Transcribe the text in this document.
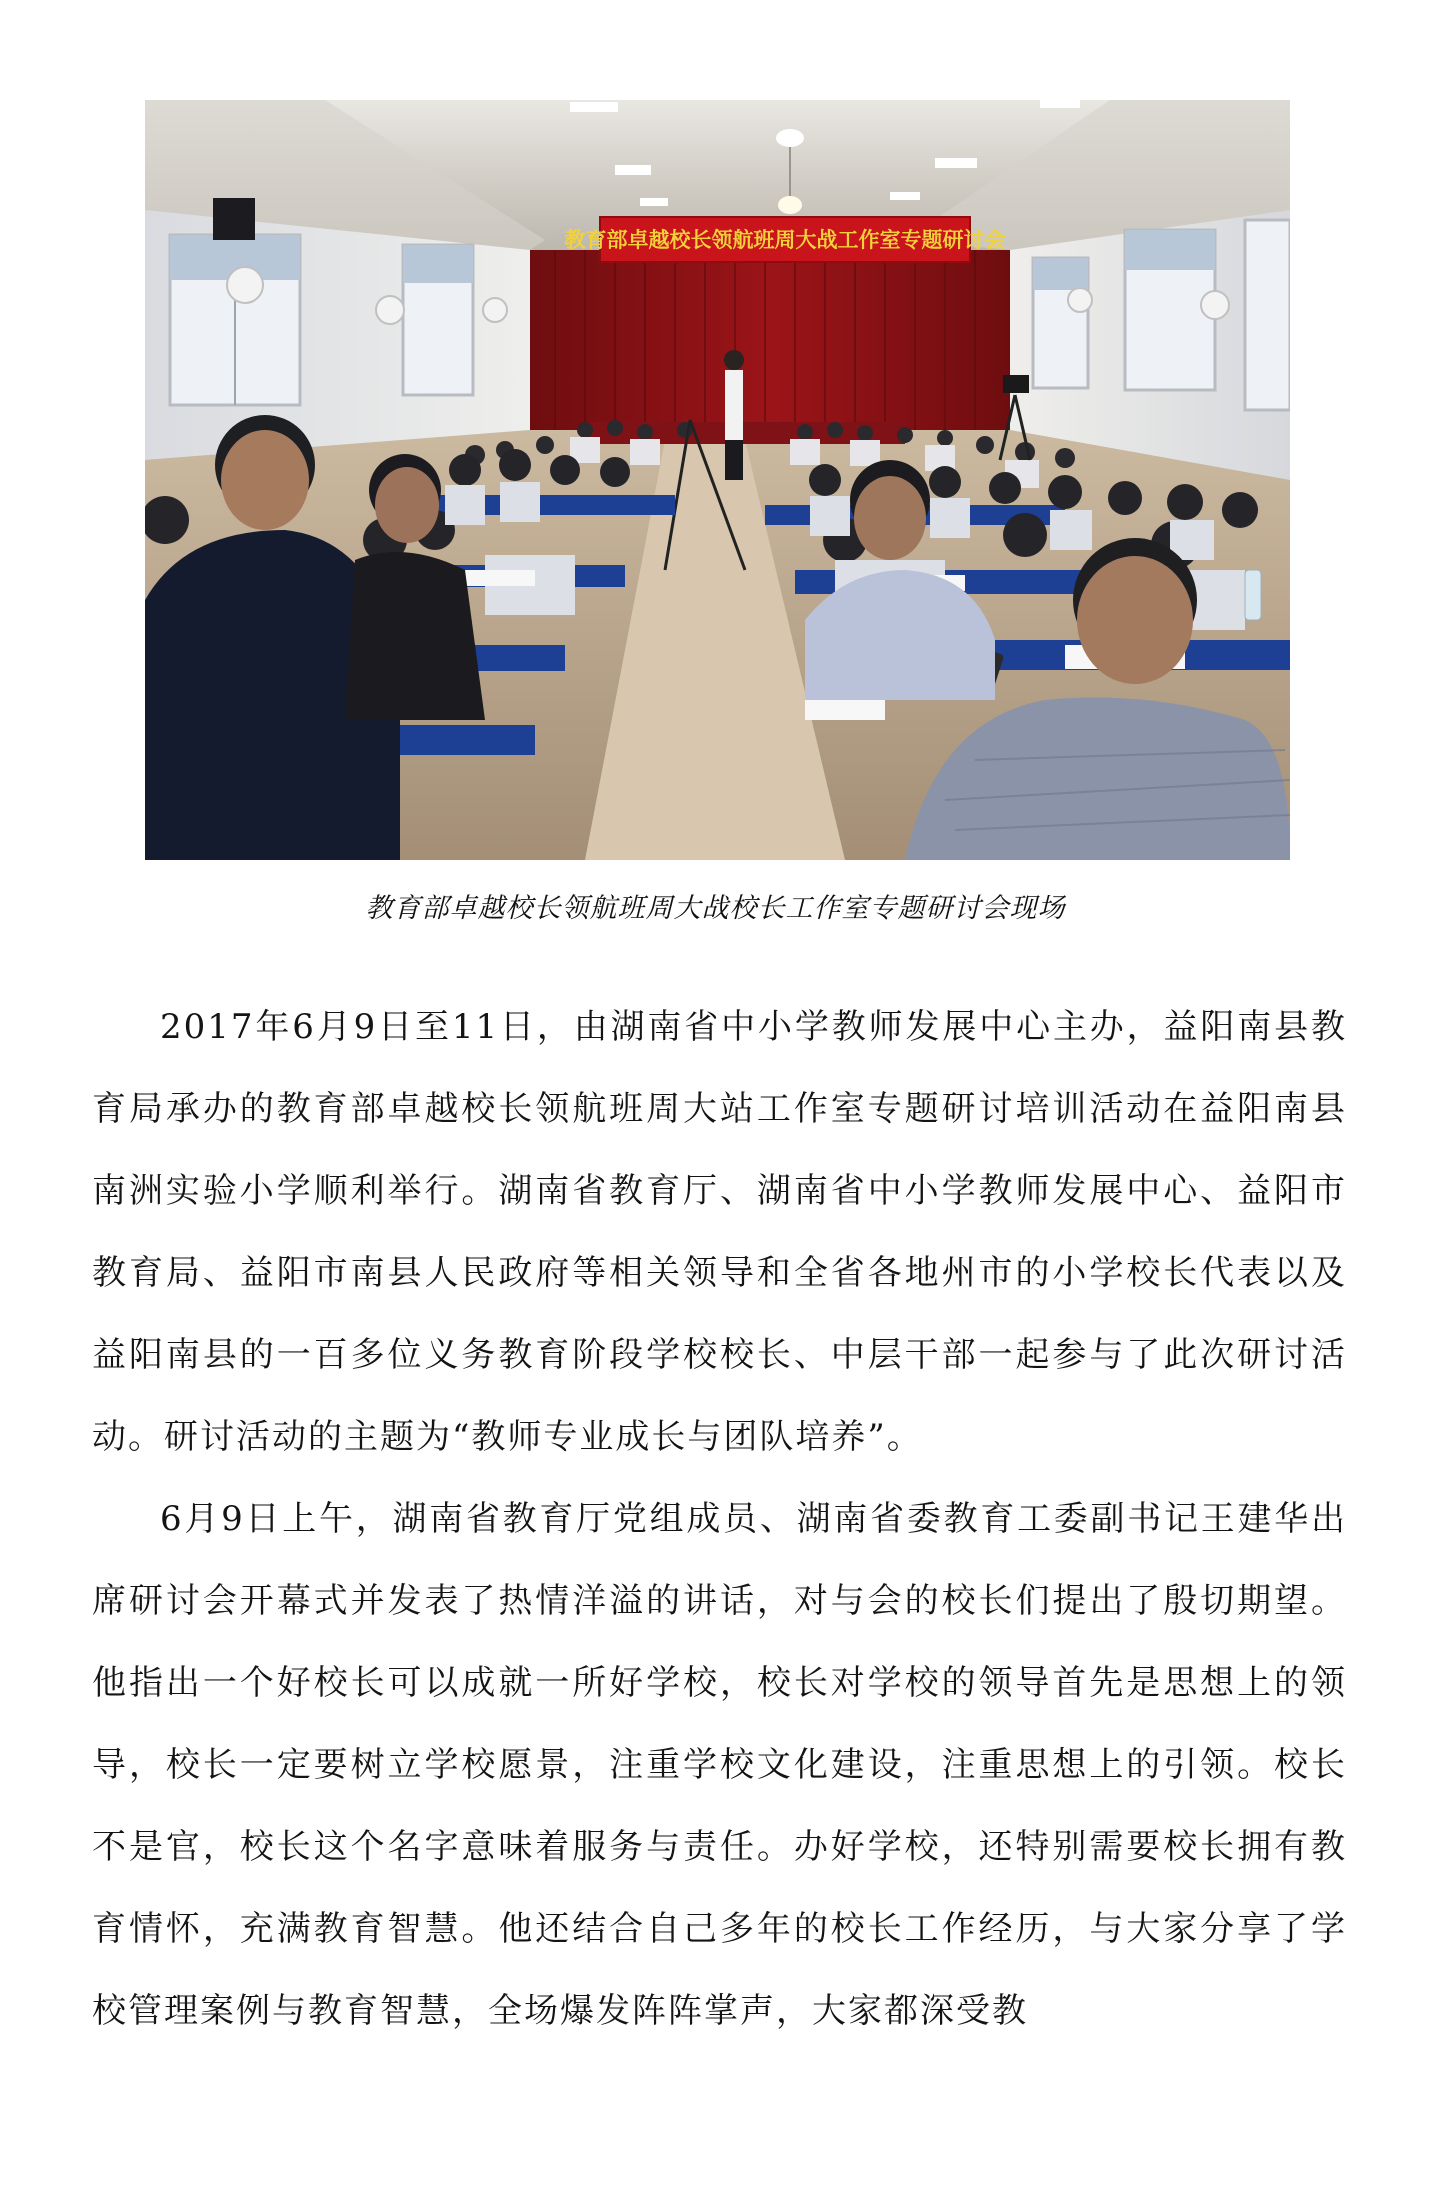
教育部卓越校长领航班周大战工作室专题研讨会
教育部卓越校长领航班周大战校长工作室专题研讨会现场

2017年6月9日至11日，由湖南省中小学教师发展中心主办，益阳南县教育局承办的教育部卓越校长领航班周大站工作室专题研讨培训活动在益阳南县南洲实验小学顺利举行。湖南省教育厅、湖南省中小学教师发展中心、益阳市教育局、益阳市南县人民政府等相关领导和全省各地州市的小学校长代表以及益阳南县的一百多位义务教育阶段学校校长、中层干部一起参与了此次研讨活动。研讨活动的主题为“教师专业成长与团队培养”。

6月9日上午，湖南省教育厅党组成员、湖南省委教育工委副书记王建华出席研讨会开幕式并发表了热情洋溢的讲话，对与会的校长们提出了殷切期望。他指出一个好校长可以成就一所好学校，校长对学校的领导首先是思想上的领导，校长一定要树立学校愿景，注重学校文化建设，注重思想上的引领。校长不是官，校长这个名字意味着服务与责任。办好学校，还特别需要校长拥有教育情怀，充满教育智慧。他还结合自己多年的校长工作经历，与大家分享了学校管理案例与教育智慧，全场爆发阵阵掌声，大家都深受教
